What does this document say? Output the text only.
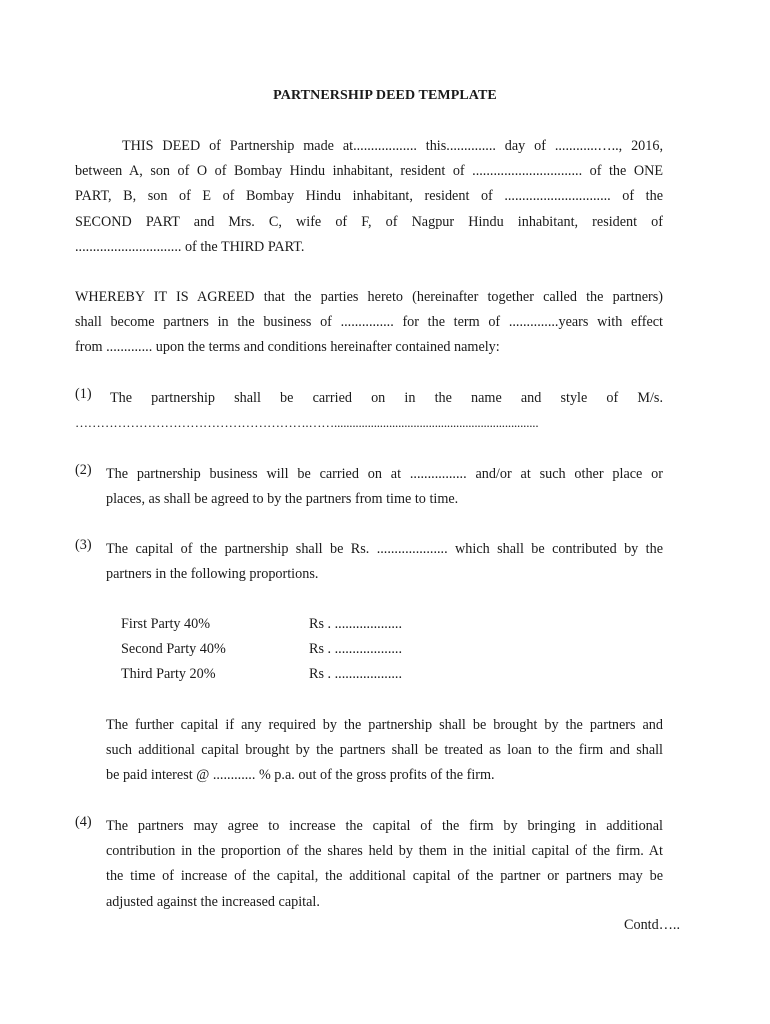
PARTNERSHIP DEED TEMPLATE
THIS DEED of Partnership made at.................. this.............. day of ............….., 2016,
between A, son of O of Bombay Hindu inhabitant, resident of ............................... of the ONE
PART, B, son of E of Bombay Hindu inhabitant, resident of .............................. of the
SECOND PART and Mrs. C, wife of F, of Nagpur Hindu inhabitant, resident of
.............................. of the THIRD PART.
WHEREBY IT IS AGREED that the parties hereto (hereinafter together called the partners)
shall become partners in the business of ............... for the term of ..............years with effect
from ............. upon the terms and conditions hereinafter contained namely:
(1) The partnership shall be carried on in the name and style of M/s.
……………………………………………….……...................................................................
(2) The partnership business will be carried on at ................ and/or at such other place or
places, as shall be agreed to by the partners from time to time.
(3) The capital of the partnership shall be Rs. .................... which shall be contributed by the
partners in the following proportions.
First Party 40%	Rs . ...................
Second Party 40%	Rs . ...................
Third Party 20%	Rs . ...................
The further capital if any required by the partnership shall be brought by the partners and
such additional capital brought by the partners shall be treated as loan to the firm and shall
be paid interest @ ............ % p.a. out of the gross profits of the firm.
(4) The partners may agree to increase the capital of the firm by bringing in additional
contribution in the proportion of the shares held by them in the initial capital of the firm. At
the time of increase of the capital, the additional capital of the partner or partners may be
adjusted against the increased capital.
Contd…..
